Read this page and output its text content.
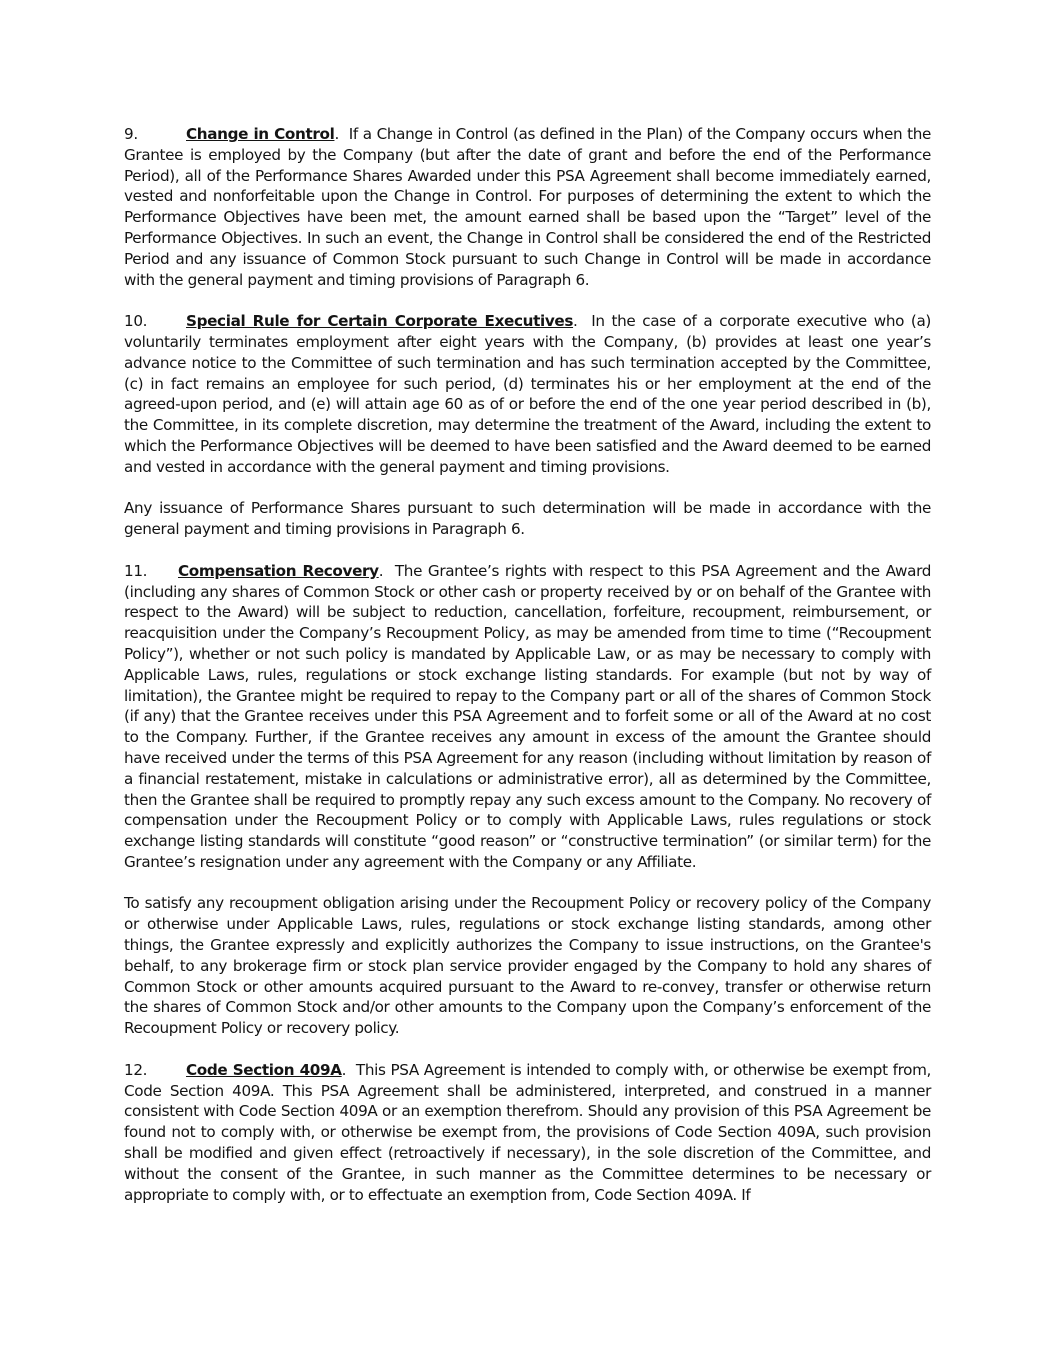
9.	Change in Control.  If a Change in Control (as defined in the Plan) of the Company occurs when the Grantee is employed by the Company (but after the date of grant and before the end of the Performance Period), all of the Performance Shares Awarded under this PSA Agreement shall become immediately earned, vested and nonforfeitable upon the Change in Control. For purposes of determining the extent to which the Performance Objectives have been met, the amount earned shall be based upon the “Target” level of the Performance Objectives. In such an event, the Change in Control shall be considered the end of the Restricted Period and any issuance of Common Stock pursuant to such Change in Control will be made in accordance with the general payment and timing provisions of Paragraph 6.

10.	Special Rule for Certain Corporate Executives.  In the case of a corporate executive who (a) voluntarily terminates employment after eight years with the Company, (b) provides at least one year’s advance notice to the Committee of such termination and has such termination accepted by the Committee, (c) in fact remains an employee for such period, (d) terminates his or her employment at the end of the agreed-upon period, and (e) will attain age 60 as of or before the end of the one year period described in (b), the Committee, in its complete discretion, may determine the treatment of the Award, including the extent to which the Performance Objectives will be deemed to have been satisfied and the Award deemed to be earned and vested in accordance with the general payment and timing provisions.

Any issuance of Performance Shares pursuant to such determination will be made in accordance with the general payment and timing provisions in Paragraph 6.

11. Compensation Recovery.  The Grantee’s rights with respect to this PSA Agreement and the Award (including any shares of Common Stock or other cash or property received by or on behalf of the Grantee with respect to the Award) will be subject to reduction, cancellation, forfeiture, recoupment, reimbursement, or reacquisition under the Company’s Recoupment Policy, as may be amended from time to time (“Recoupment Policy”), whether or not such policy is mandated by Applicable Law, or as may be necessary to comply with Applicable Laws, rules, regulations or stock exchange listing standards. For example (but not by way of limitation), the Grantee might be required to repay to the Company part or all of the shares of Common Stock (if any) that the Grantee receives under this PSA Agreement and to forfeit some or all of the Award at no cost to the Company. Further, if the Grantee receives any amount in excess of the amount the Grantee should have received under the terms of this PSA Agreement for any reason (including without limitation by reason of a financial restatement, mistake in calculations or administrative error), all as determined by the Committee, then the Grantee shall be required to promptly repay any such excess amount to the Company. No recovery of compensation under the Recoupment Policy or to comply with Applicable Laws, rules regulations or stock exchange listing standards will constitute “good reason” or “constructive termination” (or similar term) for the Grantee’s resignation under any agreement with the Company or any Affiliate.

To satisfy any recoupment obligation arising under the Recoupment Policy or recovery policy of the Company or otherwise under Applicable Laws, rules, regulations or stock exchange listing standards, among other things, the Grantee expressly and explicitly authorizes the Company to issue instructions, on the Grantee's behalf, to any brokerage firm or stock plan service provider engaged by the Company to hold any shares of Common Stock or other amounts acquired pursuant to the Award to re-convey, transfer or otherwise return the shares of Common Stock and/or other amounts to the Company upon the Company’s enforcement of the Recoupment Policy or recovery policy.

12.	Code Section 409A.  This PSA Agreement is intended to comply with, or otherwise be exempt from, Code Section 409A. This PSA Agreement shall be administered, interpreted, and construed in a manner consistent with Code Section 409A or an exemption therefrom. Should any provision of this PSA Agreement be found not to comply with, or otherwise be exempt from, the provisions of Code Section 409A, such provision shall be modified and given effect (retroactively if necessary), in the sole discretion of the Committee, and without the consent of the Grantee, in such manner as the Committee determines to be necessary or appropriate to comply with, or to effectuate an exemption from, Code Section 409A. If
